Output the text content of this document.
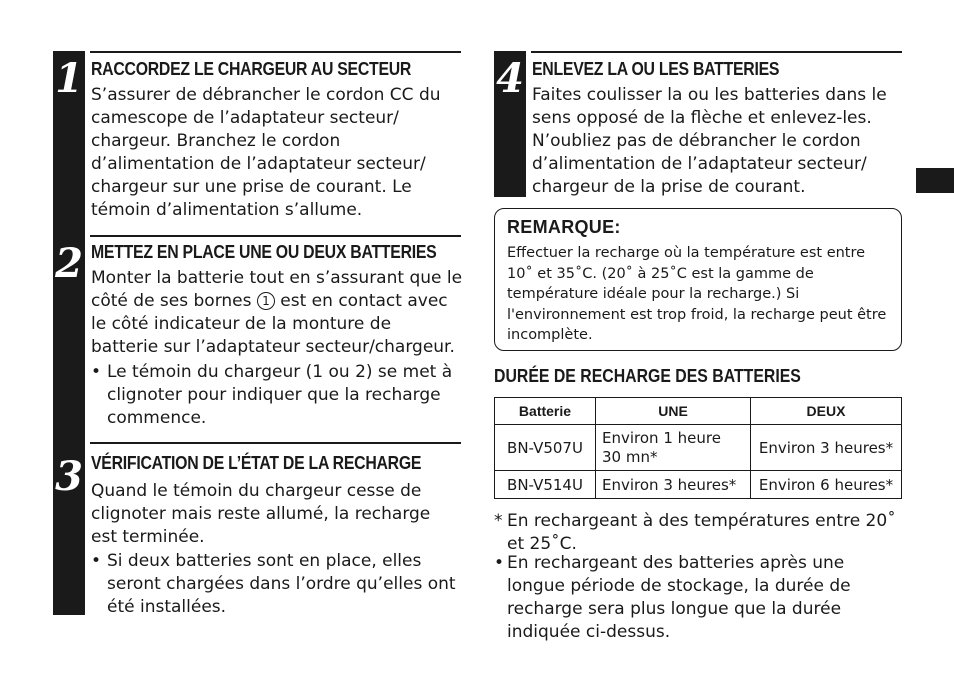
1 RACCORDEZ LE CHARGEUR AU SECTEUR
S’assurer de débrancher le cordon CC du camescope de l’adaptateur secteur/ chargeur. Branchez le cordon d’alimentation de l’adaptateur secteur/ chargeur sur une prise de courant. Le témoin d’alimentation s’allume.
2 METTEZ EN PLACE UNE OU DEUX BATTERIES
Monter la batterie tout en s’assurant que le côté de ses bornes 1 est en contact avec le côté indicateur de la monture de batterie sur l’adaptateur secteur/chargeur.
• Le témoin du chargeur (1 ou 2) se met à clignoter pour indiquer que la recharge commence.
3 VÉRIFICATION DE L’ÉTAT DE LA RECHARGE
Quand le témoin du chargeur cesse de clignoter mais reste allumé, la recharge est terminée.
• Si deux batteries sont en place, elles seront chargées dans l’ordre qu’elles ont été installées.
4 ENLEVEZ LA OU LES BATTERIES
Faites coulisser la ou les batteries dans le sens opposé de la flèche et enlevez-les. N’oubliez pas de débrancher le cordon d’alimentation de l’adaptateur secteur/ chargeur de la prise de courant.
REMARQUE:
Effectuer la recharge où la température est entre 10˚ et 35˚C. (20˚ à 25˚C est la gamme de température idéale pour la recharge.) Si l'environnement est trop froid, la recharge peut être incomplète.
DURÉE DE RECHARGE DES BATTERIES
Batterie	UNE	DEUX
BN-V507U	Environ 1 heure 30 mn*	Environ 3 heures*
BN-V514U	Environ 3 heures*	Environ 6 heures*
* En rechargeant à des températures entre 20˚ et 25˚C.
• En rechargeant des batteries après une longue période de stockage, la durée de recharge sera plus longue que la durée indiquée ci-dessus.
